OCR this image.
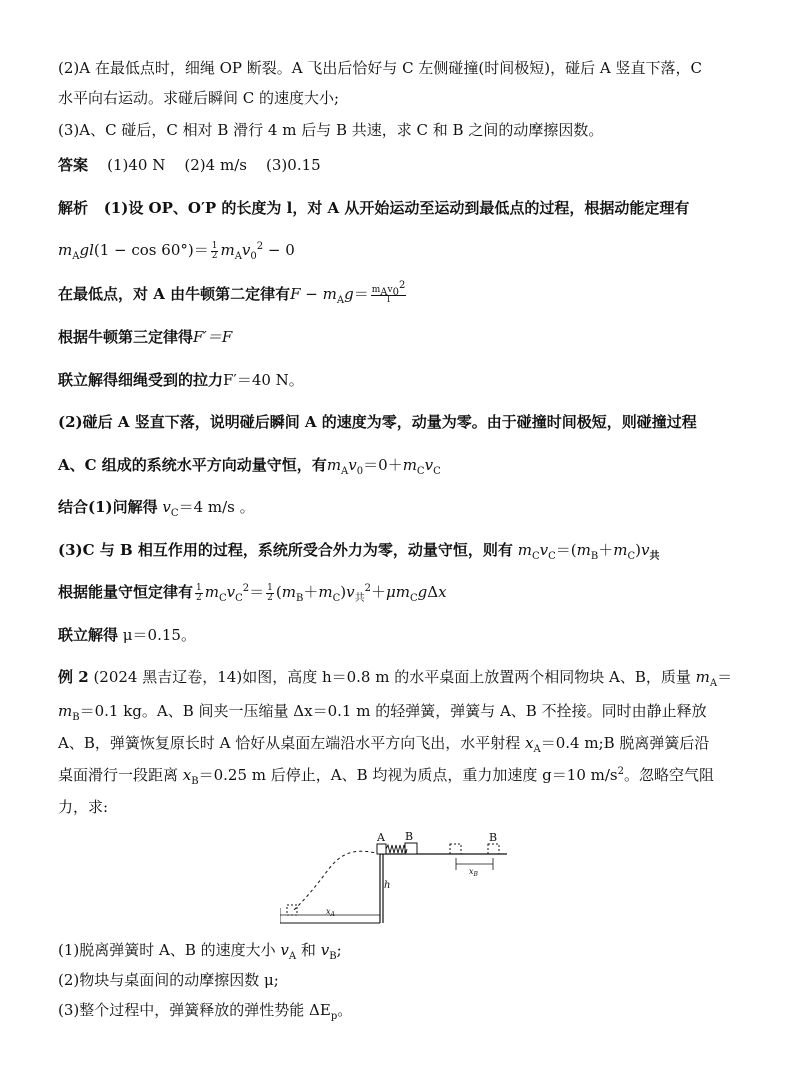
(2)A 在最低点时，细绳 OP 断裂。A 飞出后恰好与 C 左侧碰撞(时间极短)，碰后 A 竖直下落，C
水平向右运动。求碰后瞬间 C 的速度大小;
(3)A、C 碰后，C 相对 B 滑行 4 m 后与 B 共速，求 C 和 B 之间的动摩擦因数。
答案 (1)40 N (2)4 m/s (3)0.15
解析 (1)设 OP、O′P 的长度为 l，对 A 从开始运动至运动到最低点的过程，根据动能定理有
$m_Agl(1 - \cos 60^\circ)= \frac{1}{2} m_Av_0^2 - 0$
在最低点，对 A 由牛顿第二定律有$F - m_Ag= \frac{m_Av_0^2}{l}$
根据牛顿第三定律得F′＝F
联立解得细绳受到的拉力F′＝40 N。
(2)碰后 A 竖直下落，说明碰后瞬间 A 的速度为零，动量为零。由于碰撞时间极短，则碰撞过程
A、C 组成的系统水平方向动量守恒，有$m_Av_0=0+m_Cv_C$
结合(1)问解得 $v_C=4$ m/s 。
(3)C 与 B 相互作用的过程，系统所受合外力为零，动量守恒，则有 $m_Cv_C=(m_B+m_C)v_共$
根据能量守恒定律有 $\frac{1}{2} m_Cv_C^2= \frac{1}{2} (m_B+m_C)v_共^2+\mu m_Cg\Delta x$
联立解得 μ＝0.15。
例 2 (2024 黑吉辽卷，14)如图，高度 h＝0.8 m 的水平桌面上放置两个相同物块 A、B，质量 $m_A=$
$m_B=0.1$ kg。A、B 间夹一压缩量 Δx＝0.1 m 的轻弹簧，弹簧与 A、B 不拴接。同时由静止释放
A、B，弹簧恢复原长时 A 恰好从桌面左端沿水平方向飞出，水平射程 $x_A=0.4$ m;B 脱离弹簧后沿
桌面滑行一段距离 $x_B=0.25$ m 后停止，A、B 均视为质点，重力加速度 g＝10 $m/s^2$。忽略空气阻
力，求:
A B	B
h
$x_A$
$x_B$
(1)脱离弹簧时 A、B 的速度大小 $v_A$ 和 $v_B$;
(2)物块与桌面间的动摩擦因数 μ;
(3)整个过程中，弹簧释放的弹性势能 $\Delta E_p$。
